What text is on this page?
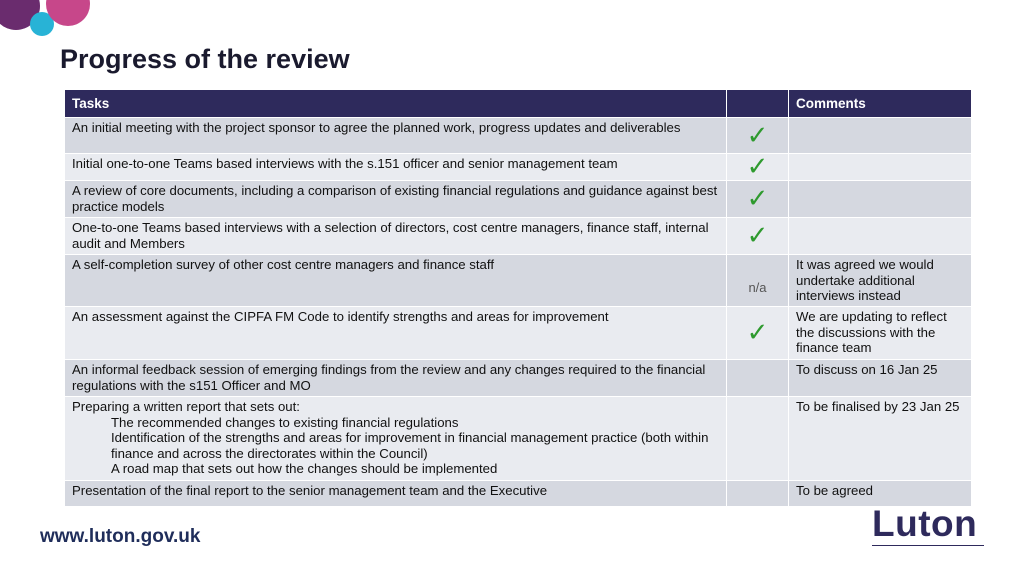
Progress of the review
Tasks		Comments
An initial meeting with the project sponsor to agree the planned work, progress updates and deliverables	✓	
Initial one-to-one Teams based interviews with the s.151 officer and senior management team	✓	
A review of core documents, including a comparison of existing financial regulations and guidance against best practice models	✓	
One-to-one Teams based interviews with a selection of directors, cost centre managers, finance staff, internal audit and Members	✓	
A self-completion survey of other cost centre managers and finance staff	n/a	It was agreed we would undertake additional interviews instead
An assessment against the CIPFA FM Code to identify strengths and areas for improvement	✓	We are updating to reflect the discussions with the finance team
An informal feedback session of emerging findings from the review and any changes required to the financial regulations with the s151 Officer and MO		To discuss on 16 Jan 25
Preparing a written report that sets out:
The recommended changes to existing financial regulations
Identification of the strengths and areas for improvement in financial management practice (both within finance and across the directorates within the Council)
A road map that sets out how the changes should be implemented		To be finalised by 23 Jan 25
Presentation of the final report to the senior management team and the Executive		To be agreed
www.luton.gov.uk	Luton
